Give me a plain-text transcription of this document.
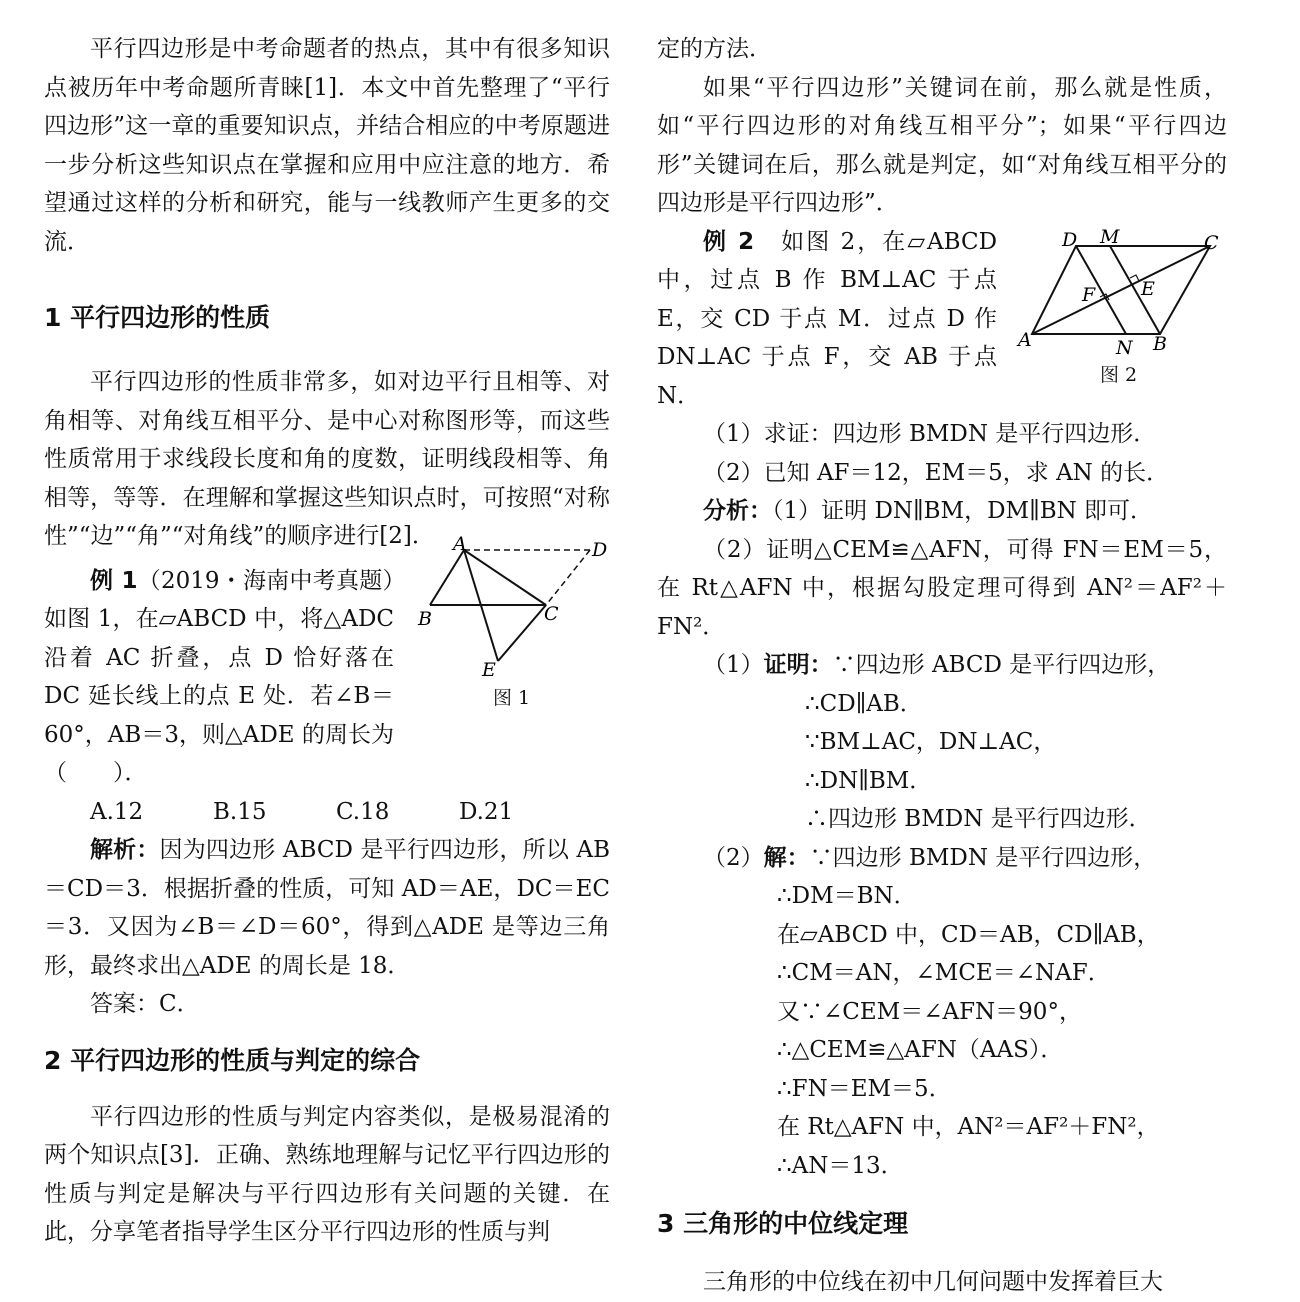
平行四边形是中考命题者的热点，其中有很多知识点被历年中考命题所青睐[1]．本文中首先整理了“平行四边形”这一章的重要知识点，并结合相应的中考原题进一步分析这些知识点在掌握和应用中应注意的地方．希望通过这样的分析和研究，能与一线教师产生更多的交流．

1 平行四边形的性质

平行四边形的性质非常多，如对边平行且相等、对角相等、对角线互相平分、是中心对称图形等，而这些性质常用于求线段长度和角的度数，证明线段相等、角相等，等等．在理解和掌握这些知识点时，可按照“对称性”“边”“角”“对角线”的顺序进行[2]．

例 1（2019・海南中考真题）如图 1，在▱ABCD 中，将△ADC 沿着 AC 折叠，点 D 恰好落在 DC 延长线上的点 E 处．若∠B＝60°，AB＝3，则△ADE 的周长为（　　）．

A.12	B.15	C.18	D.21

解析：因为四边形 ABCD 是平行四边形，所以 AB＝CD＝3．根据折叠的性质，可知 AD＝AE，DC＝EC＝3．又因为∠B＝∠D＝60°，得到△ADE 是等边三角形，最终求出△ADE 的周长是 18．

答案：C．

2 平行四边形的性质与判定的综合

平行四边形的性质与判定内容类似，是极易混淆的两个知识点[3]．正确、熟练地理解与记忆平行四边形的性质与判定是解决与平行四边形有关问题的关键．在此，分享笔者指导学生区分平行四边形的性质与判

A	D
B	C
E
图 1

定的方法．

如果“平行四边形”关键词在前，那么就是性质，如“平行四边形的对角线互相平分”；如果“平行四边形”关键词在后，那么就是判定，如“对角线互相平分的四边形是平行四边形”．

例 2　 如图 2，在▱ABCD 中，过点 B 作 BM⊥AC 于点 E，交 CD 于点 M．过点 D 作 DN⊥AC 于点 F，交 AB 于点 N．

（1）求证：四边形 BMDN 是平行四边形．

（2）已知 AF＝12，EM＝5，求 AN 的长．

分析：（1）证明 DN∥BM，DM∥BN 即可．

（2）证明△CEM≌△AFN，可得 FN＝EM＝5，在 Rt△AFN 中，根据勾股定理可得到 AN²＝AF²＋FN²．

（1）证明：∵四边形 ABCD 是平行四边形，

∴CD∥AB．

∵BM⊥AC，DN⊥AC，

∴DN∥BM．

∴四边形 BMDN 是平行四边形．

（2）解：∵四边形 BMDN 是平行四边形，

∴DM＝BN．

在▱ABCD 中，CD＝AB，CD∥AB，

∴CM＝AN，∠MCE＝∠NAF．

又∵∠CEM＝∠AFN＝90°，

∴△CEM≌△AFN（AAS）．

∴FN＝EM＝5．

在 Rt△AFN 中，AN²＝AF²＋FN²，

∴AN＝13．

3 三角形的中位线定理

三角形的中位线在初中几何问题中发挥着巨大

D M	C
F E
A	N B
图 2
